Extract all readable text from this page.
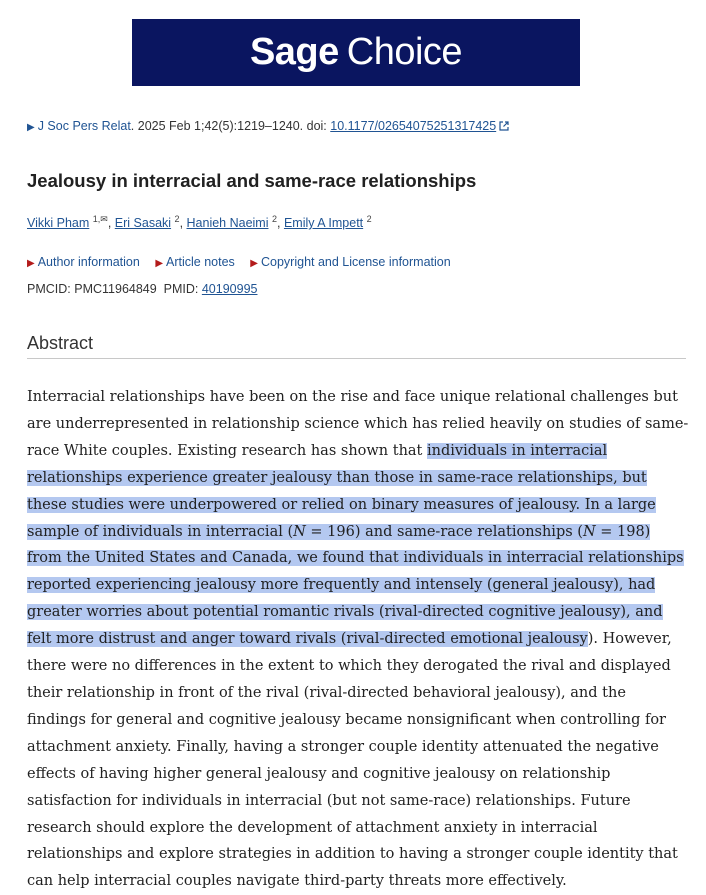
Sage Choice
▶ J Soc Pers Relat. 2025 Feb 1;42(5):1219–1240. doi: 10.1177/02654075251317425
Jealousy in interracial and same-race relationships
Vikki Pham $^{1,✉}$, Eri Sasaki $^2$, Hanieh Naeimi $^2$, Emily A Impett $^2$
▶ Author information ▶ Article notes ▶ Copyright and License information
PMCID: PMC11964849 PMID: 40190995
Abstract

Interracial relationships have been on the rise and face unique relational challenges but are underrepresented in relationship science which has relied heavily on studies of same-race White couples. Existing research has shown that individuals in interracial relationships experience greater jealousy than those in same-race relationships, but these studies were underpowered or relied on binary measures of jealousy. In a large sample of individuals in interracial (N = 196) and same-race relationships (N = 198) from the United States and Canada, we found that individuals in interracial relationships reported experiencing jealousy more frequently and intensely (general jealousy), had greater worries about potential romantic rivals (rival-directed cognitive jealousy), and felt more distrust and anger toward rivals (rival-directed emotional jealousy). However, there were no differences in the extent to which they derogated the rival and displayed their relationship in front of the rival (rival-directed behavioral jealousy), and the findings for general and cognitive jealousy became nonsignificant when controlling for attachment anxiety. Finally, having a stronger couple identity attenuated the negative effects of having higher general jealousy and cognitive jealousy on relationship satisfaction for individuals in interracial (but not same-race) relationships. Future research should explore the development of attachment anxiety in interracial relationships and explore strategies in addition to having a stronger couple identity that can help interracial couples navigate third-party threats more effectively.
